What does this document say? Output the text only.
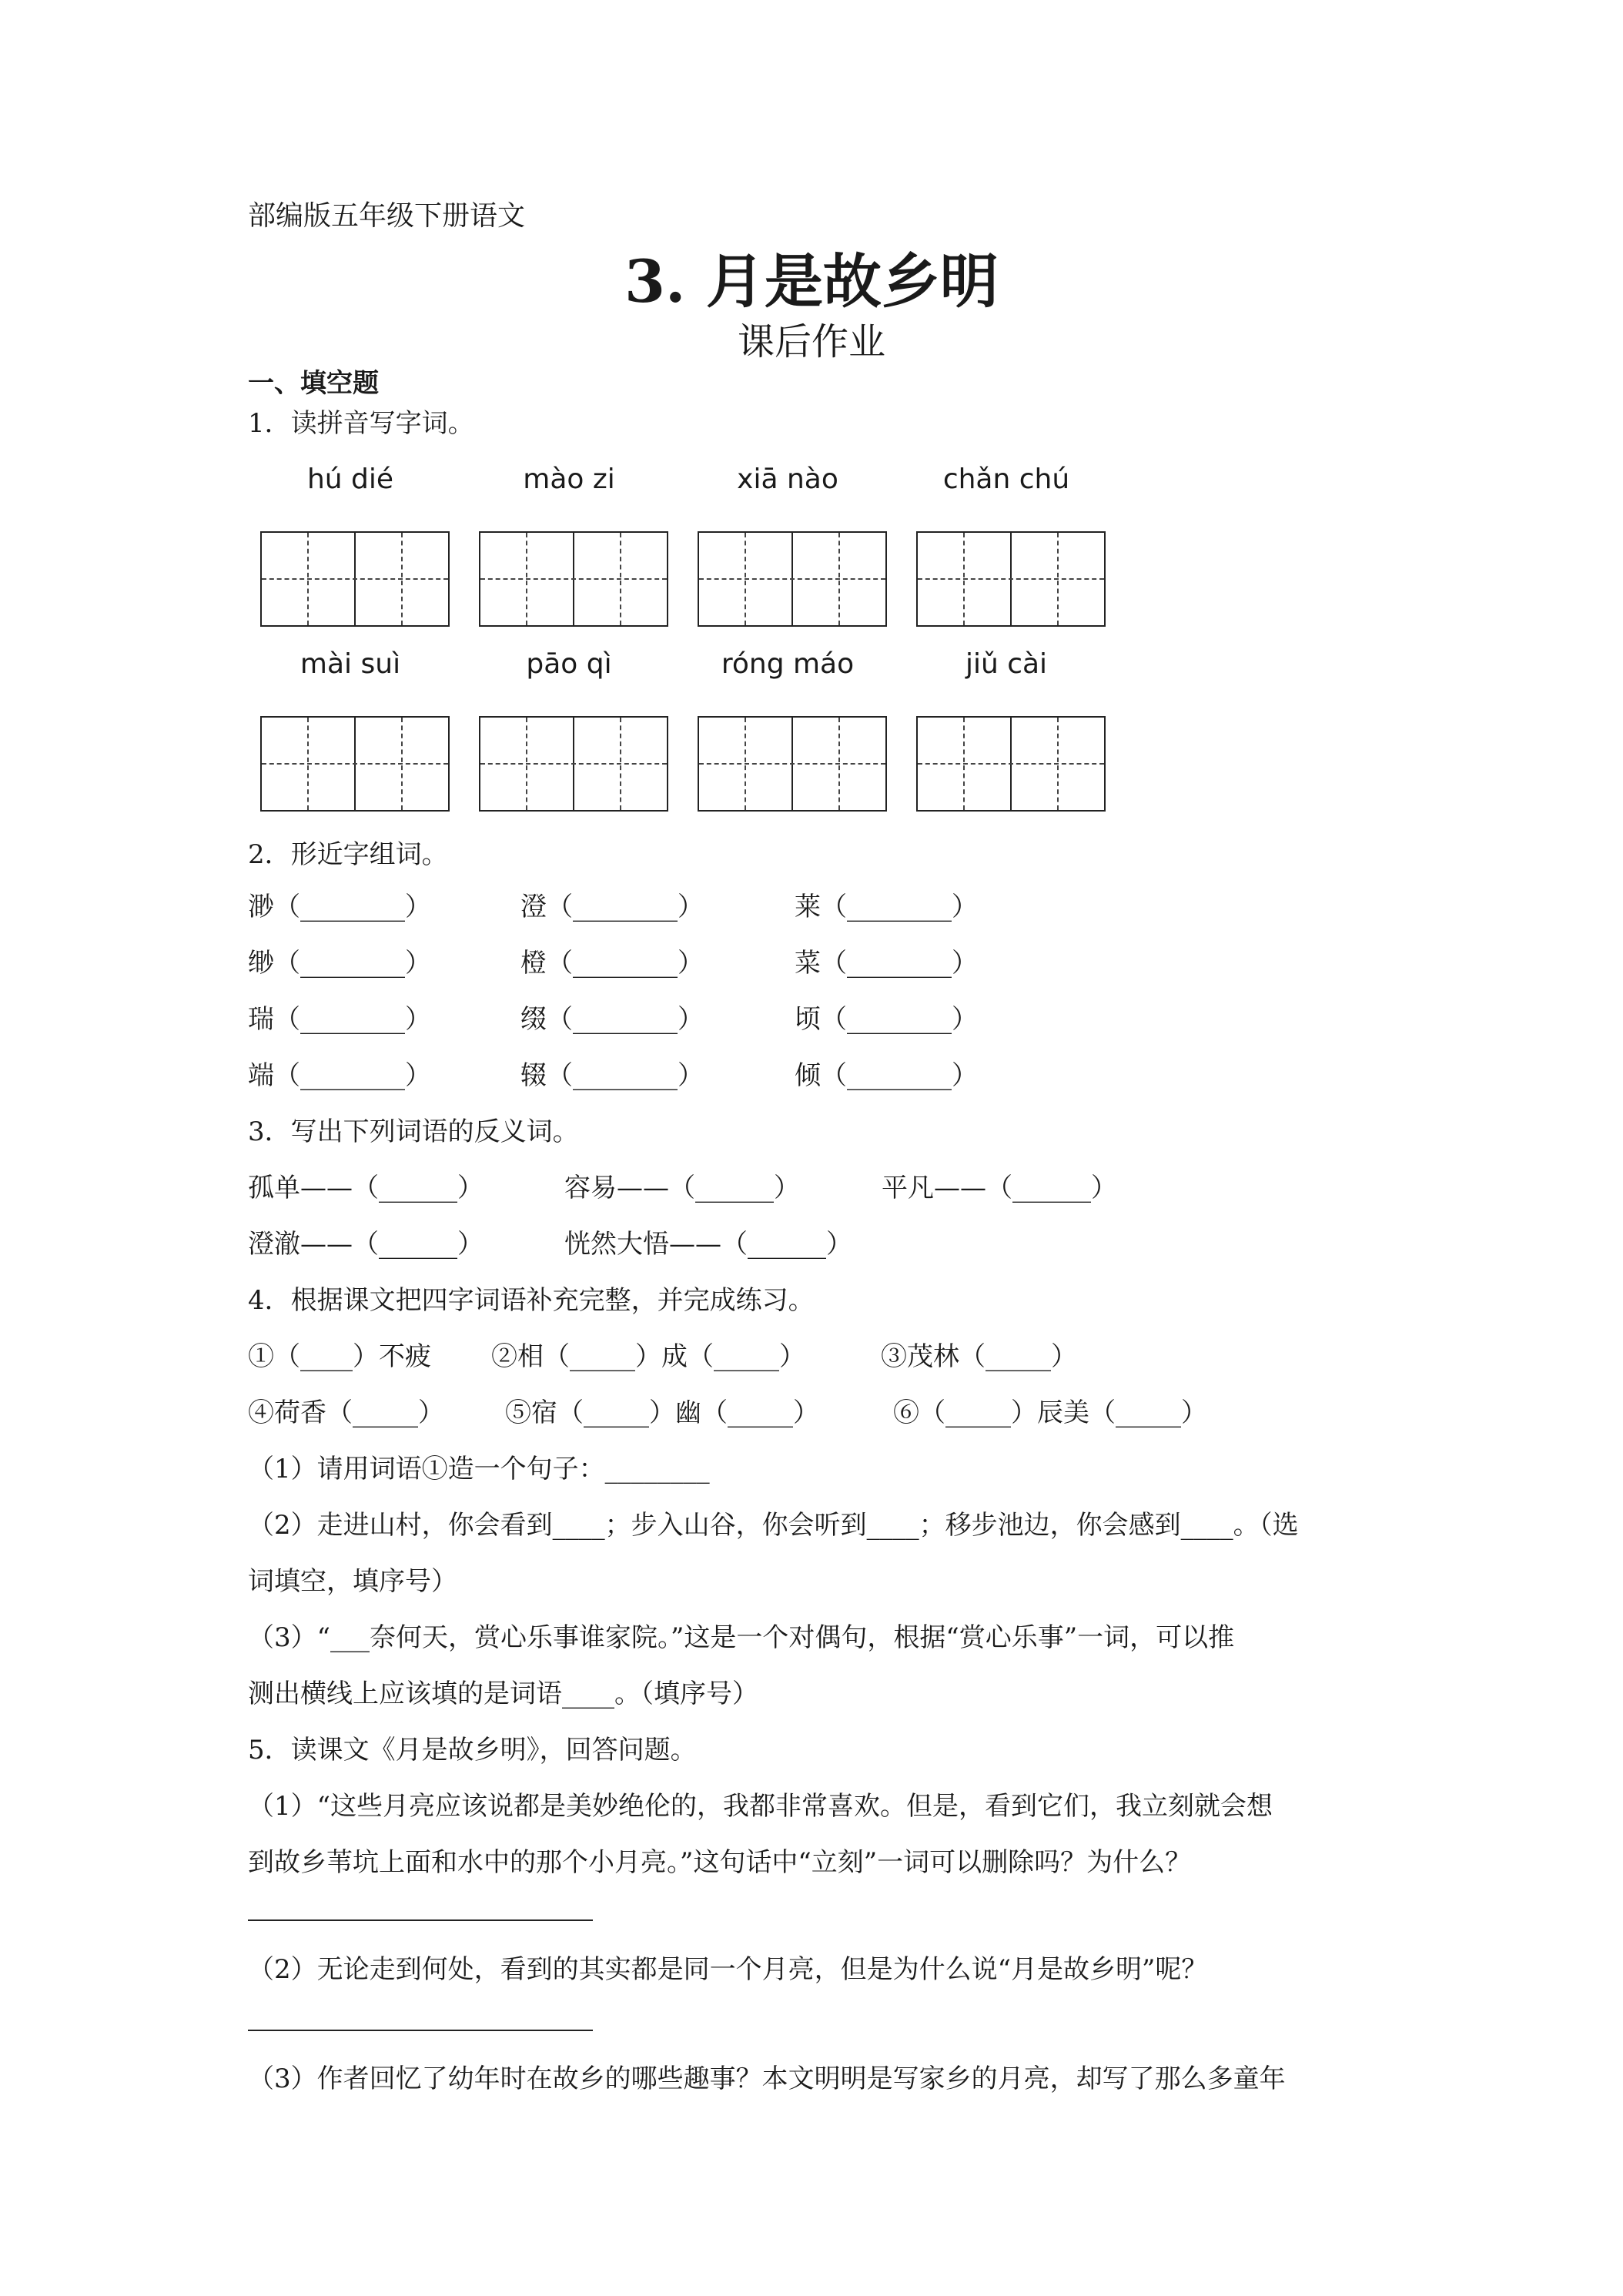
部编版五年级下册语文
3. 月是故乡明
课后作业
一、填空题
1．读拼音写字词。
hú dié	mào zi	xiā nào	chǎn chú
mài suì	pāo qì	róng máo	jiǔ cài
2．形近字组词。
渺（________）	澄（________）	莱（________）
缈（________）	橙（________）	菜（________）
瑞（________）	缀（________）	顷（________）
端（________）	辍（________）	倾（________）
3．写出下列词语的反义词。
孤单——（______）	容易——（______）	平凡——（______）
澄澈——（______）	恍然大悟——（______）
4．根据课文把四字词语补充完整，并完成练习。
①（____）不疲 ②相（_____）成（_____）	③茂林（_____）
④荷香（_____） ⑤宿（_____）幽（_____）	⑥（_____）辰美（_____）
（1）请用词语①造一个句子：________
（2）走进山村，你会看到____；步入山谷，你会听到____；移步池边，你会感到____。（选
词填空，填序号）
（3）“___奈何天，赏心乐事谁家院。”这是一个对偶句，根据“赏心乐事”一词，可以推
测出横线上应该填的是词语____。（填序号）
5．读课文《月是故乡明》，回答问题。
（1）“这些月亮应该说都是美妙绝伦的，我都非常喜欢。但是，看到它们，我立刻就会想
到故乡苇坑上面和水中的那个小月亮。”这句话中“立刻”一词可以删除吗？为什么？
（2）无论走到何处，看到的其实都是同一个月亮，但是为什么说“月是故乡明”呢？
（3）作者回忆了幼年时在故乡的哪些趣事？本文明明是写家乡的月亮，却写了那么多童年
